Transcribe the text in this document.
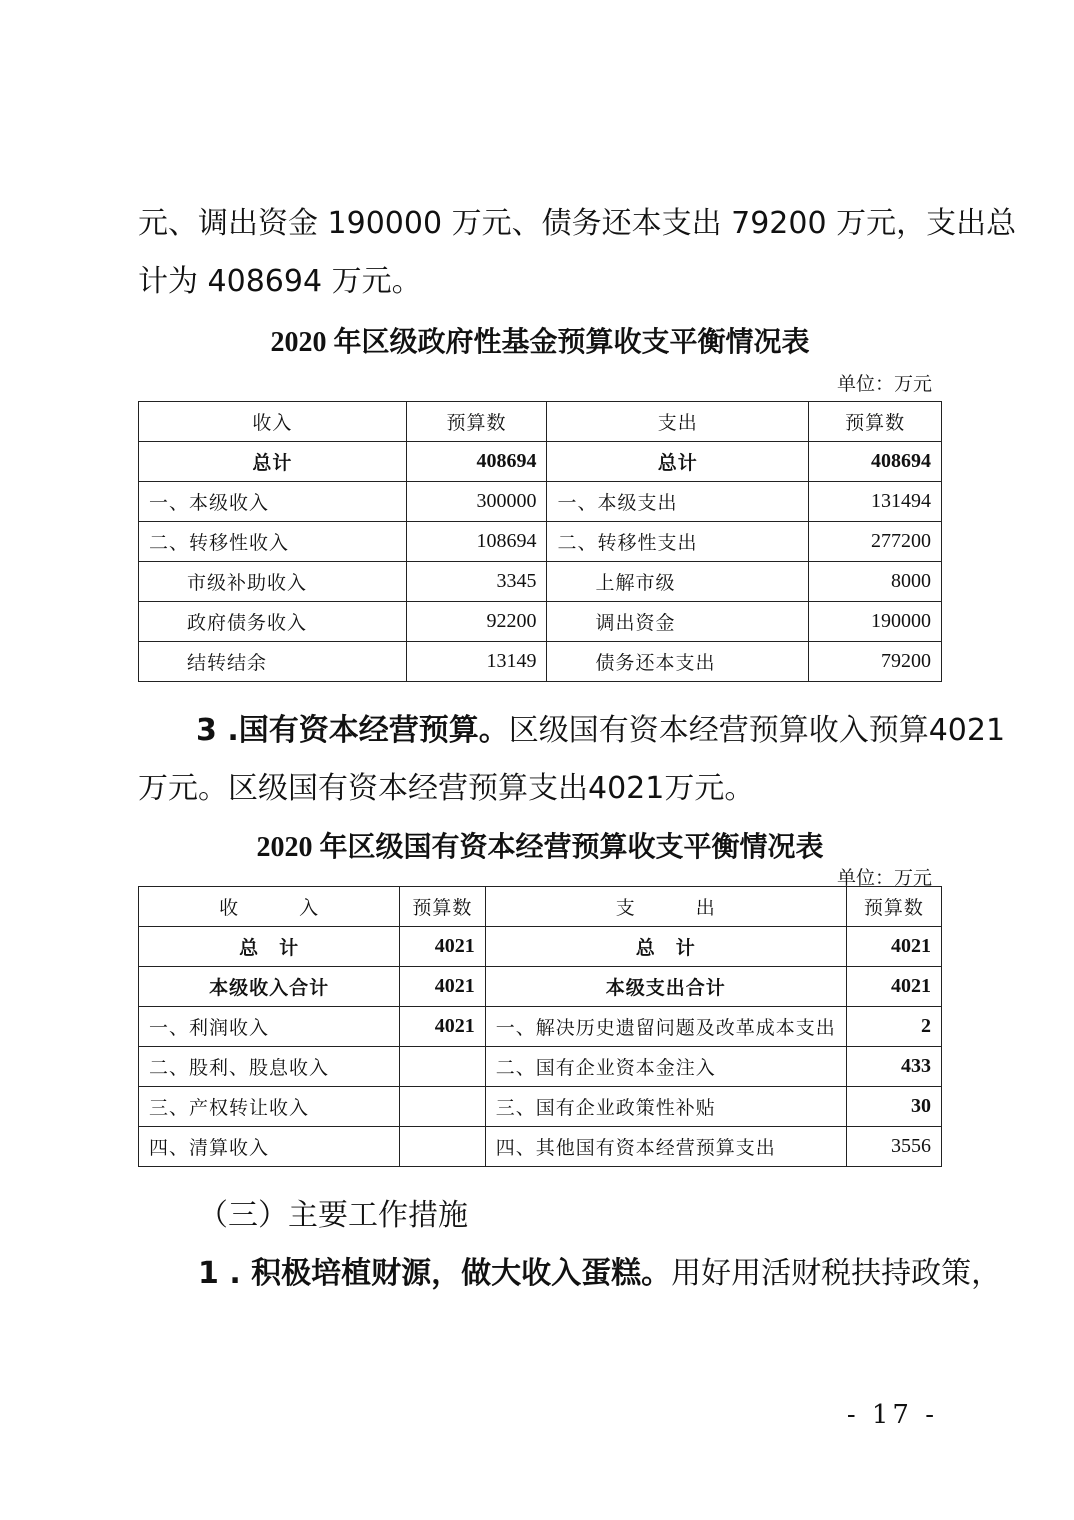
元、调出资金 190000 万元、债务还本支出 79200 万元，支出总
计为 408694 万元。
2020 年区级政府性基金预算收支平衡情况表
单位：万元
收入	预算数	支出	预算数
总计	408694	总计	408694
一、本级收入	300000	一、本级支出	131494
二、转移性收入	108694	二、转移性支出	277200
市级补助收入	3345	上解市级	8000
政府债务收入	92200	调出资金	190000
结转结余	13149	债务还本支出	79200
3 .国有资本经营预算。区级国有资本经营预算收入预算4021
万元。区级国有资本经营预算支出4021万元。
2020 年区级国有资本经营预算收支平衡情况表
单位：万元
收　　　入	预算数	支　　　出	预算数
总　计	4021	总　计	4021
本级收入合计	4021	本级支出合计	4021
一、利润收入	4021	一、解决历史遗留问题及改革成本支出	2
二、股利、股息收入		二、国有企业资本金注入	433
三、产权转让收入		三、国有企业政策性补贴	30
四、清算收入		四、其他国有资本经营预算支出	3556
（三）主要工作措施
1 . 积极培植财源，做大收入蛋糕。用好用活财税扶持政策，
- 17 -
